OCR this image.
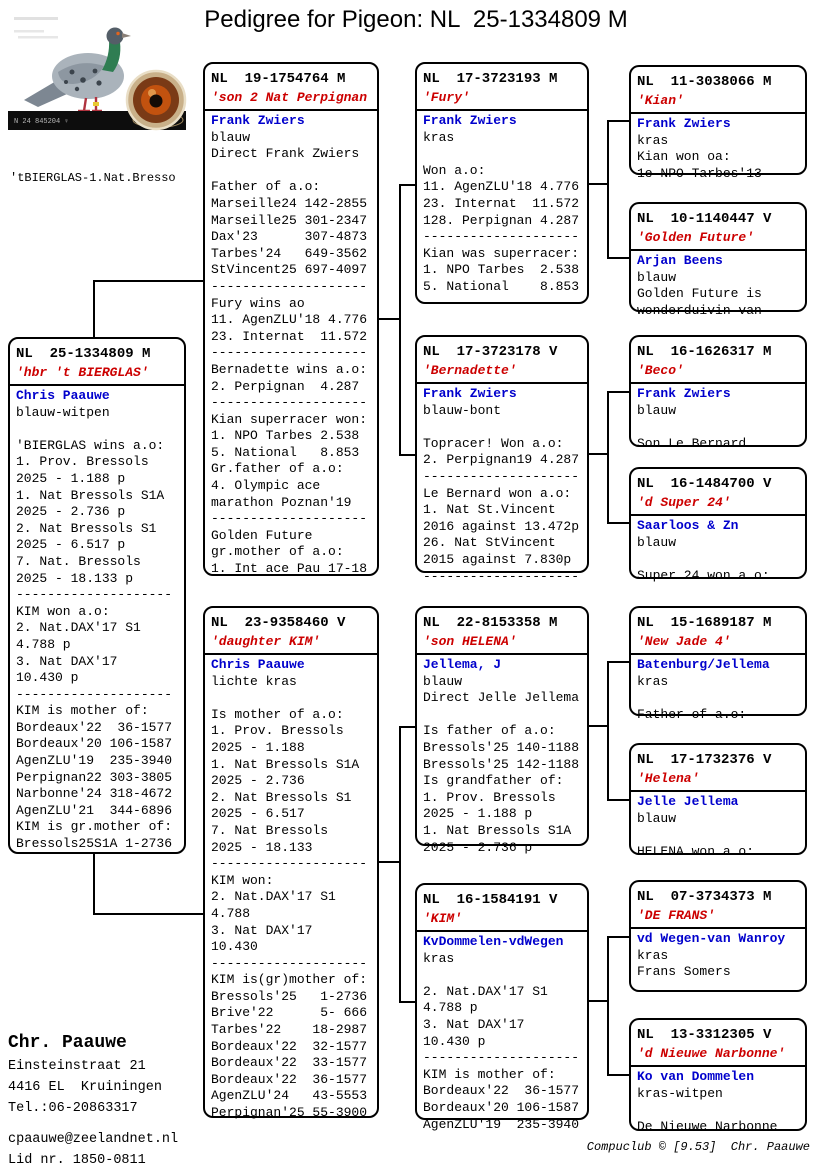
Pedigree for Pigeon: NL  25-1334809 M
N 24 845204 ♀
'tBIERGLAS-1.Nat.Bresso
NL  25-1334809 M
'hbr 't BIERGLAS'
Chris Paauwe
blauw-witpen

'BIERGLAS wins a.o:
1. Prov. Bressols
2025 - 1.188 p
1. Nat Bressols S1A
2025 - 2.736 p
2. Nat Bressols S1
2025 - 6.517 p
7. Nat. Bressols
2025 - 18.133 p
--------------------
KIM won a.o:
2. Nat.DAX'17 S1
4.788 p
3. Nat DAX'17
10.430 p
--------------------
KIM is mother of:
Bordeaux'22  36-1577
Bordeaux'20 106-1587
AgenZLU'19  235-3940
Perpignan22 303-3805
Narbonne'24 318-4672
AgenZLU'21  344-6896
KIM is gr.mother of:
Bressols25S1A 1-2736
NL  19-1754764 M
'son 2 Nat Perpignan
Frank Zwiers
blauw
Direct Frank Zwiers

Father of a.o:
Marseille24 142-2855
Marseille25 301-2347
Dax'23      307-4873
Tarbes'24   649-3562
StVincent25 697-4097
--------------------
Fury wins ao
11. AgenZLU'18 4.776
23. Internat  11.572
--------------------
Bernadette wins a.o:
2. Perpignan  4.287
--------------------
Kian superracer won:
1. NPO Tarbes 2.538
5. National   8.853
Gr.father of a.o:
4. Olympic ace
marathon Poznan'19
--------------------
Golden Future
gr.mother of a.o:
1. Int ace Pau 17-18
NL  23-9358460 V
'daughter KIM'
Chris Paauwe
lichte kras

Is mother of a.o:
1. Prov. Bressols
2025 - 1.188
1. Nat Bressols S1A
2025 - 2.736
2. Nat Bressols S1
2025 - 6.517
7. Nat Bressols
2025 - 18.133
--------------------
KIM won:
2. Nat.DAX'17 S1
4.788
3. Nat DAX'17
10.430
--------------------
KIM is(gr)mother of:
Bressols'25   1-2736
Brive'22      5- 666
Tarbes'22    18-2987
Bordeaux'22  32-1577
Bordeaux'22  33-1577
Bordeaux'22  36-1577
AgenZLU'24   43-5553
Perpignan'25 55-3900
NL  17-3723193 M
'Fury'
Frank Zwiers
kras

Won a.o:
11. AgenZLU'18 4.776
23. Internat  11.572
128. Perpignan 4.287
--------------------
Kian was superracer:
1. NPO Tarbes  2.538
5. National    8.853
--------------------
NL  17-3723178 V
'Bernadette'
Frank Zwiers
blauw-bont

Topracer! Won a.o:
2. Perpignan19 4.287
--------------------
Le Bernard won a.o:
1. Nat St.Vincent
2016 against 13.472p
26. Nat StVincent
2015 against 7.830p
--------------------
NL  22-8153358 M
'son HELENA'
Jellema, J
blauw
Direct Jelle Jellema

Is father of a.o:
Bressols'25 140-1188
Bressols'25 142-1188
Is grandfather of:
1. Prov. Bressols
2025 - 1.188 p
1. Nat Bressols S1A
2025 - 2.736 p
NL  16-1584191 V
'KIM'
KvDommelen-vdWegen
kras

2. Nat.DAX'17 S1
4.788 p
3. Nat DAX'17
10.430 p
--------------------
KIM is mother of:
Bordeaux'22  36-1577
Bordeaux'20 106-1587
AgenZLU'19  235-3940
NL  11-3038066 M
'Kian'
Frank Zwiers
kras
Kian won oa:
1e NPO Tarbes'13
NL  10-1140447 V
'Golden Future'
Arjan Beens
blauw
Golden Future is
wonderduivin van
NL  16-1626317 M
'Beco'
Frank Zwiers
blauw

Son Le Bernard
NL  16-1484700 V
'd Super 24'
Saarloos & Zn
blauw

Super 24 won a.o:
NL  15-1689187 M
'New Jade 4'
Batenburg/Jellema
kras

Father of a.o:
NL  17-1732376 V
'Helena'
Jelle Jellema
blauw

HELENA won a.o:
NL  07-3734373 M
'DE FRANS'
vd Wegen-van Wanroy
kras
Frans Somers
NL  13-3312305 V
'd Nieuwe Narbonne'
Ko van Dommelen
kras-witpen

De Nieuwe Narbonne
Chr. Paauwe
Einsteinstraat 21
4416 EL  Kruiningen
Tel.:06-20863317
cpaauwe@zeelandnet.nl
Lid nr. 1850-0811
Compuclub © [9.53]  Chr. Paauwe
